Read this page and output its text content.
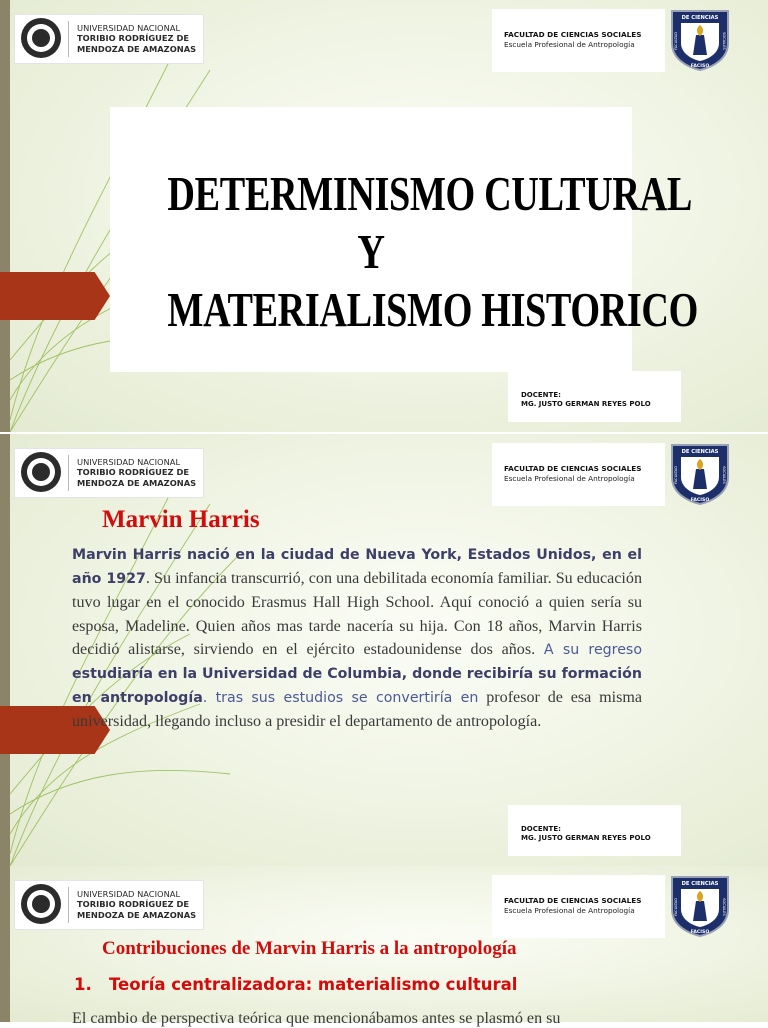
UNIVERSIDAD NACIONAL
TORIBIO RODRÍGUEZ DE
MENDOZA DE AMAZONAS
FACULTAD DE CIENCIAS SOCIALES
Escuela Profesional de Antropología
DE CIENCIAS
FACISO
FACULTAD	SOCIALES
DETERMINISMO CULTURAL
Y
MATERIALISMO HISTORICO
DOCENTE:
MG. JUSTO GERMAN REYES POLO
UNIVERSIDAD NACIONAL
TORIBIO RODRÍGUEZ DE
MENDOZA DE AMAZONAS
FACULTAD DE CIENCIAS SOCIALES
Escuela Profesional de Antropología
DE CIENCIAS
FACISO
FACULTAD	SOCIALES
Marvin Harris
DOCENTE:
MG. JUSTO GERMAN REYES POLO
Marvin Harris nació en la ciudad de Nueva York, Estados Unidos, en el año 1927. Su infancia transcurrió, con una debilitada economía familiar. Su educación tuvo lugar en el conocido Erasmus Hall High School. Aquí conoció a quien sería su esposa, Madeline. Quien años mas tarde nacería su hija. Con 18 años, Marvin Harris decidió alistarse, sirviendo en el ejército estadounidense dos años. A su regreso estudiaría en la Universidad de Columbia, donde recibiría su formación en antropología. tras sus estudios se convertiría en profesor de esa misma universidad, llegando incluso a presidir el departamento de antropología.
UNIVERSIDAD NACIONAL
TORIBIO RODRÍGUEZ DE
MENDOZA DE AMAZONAS
FACULTAD DE CIENCIAS SOCIALES
Escuela Profesional de Antropología
DE CIENCIAS
FACISO
FACULTAD	SOCIALES
Contribuciones de Marvin Harris a la antropología
1. Teoría centralizadora: materialismo cultural
El cambio de perspectiva teórica que mencionábamos antes se plasmó en su
